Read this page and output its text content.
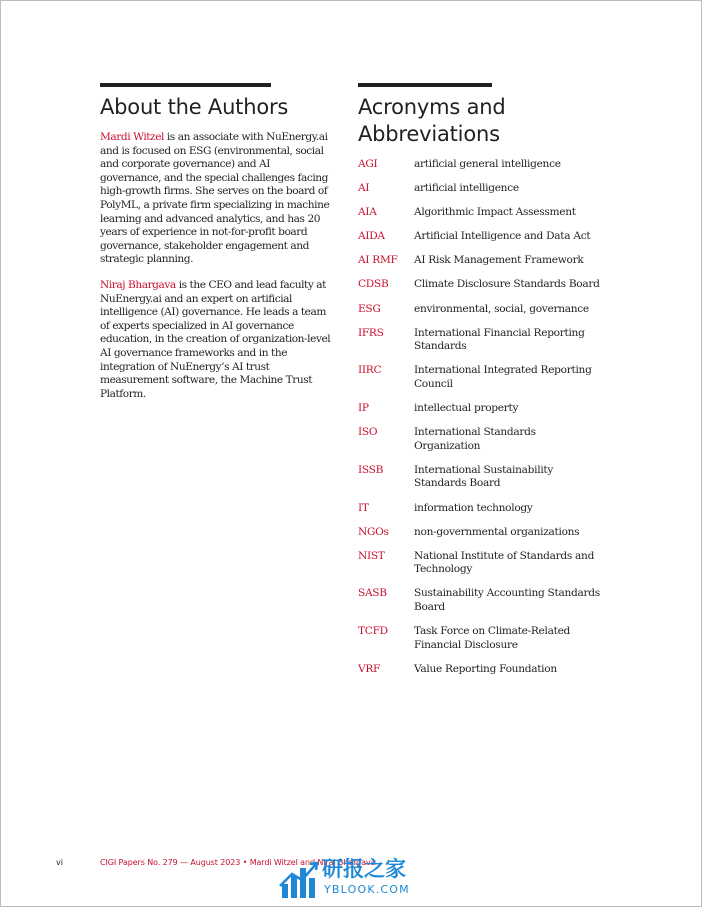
About the Authors

Mardi Witzel is an associate with NuEnergy.ai and is focused on ESG (environmental, social and corporate governance) and AI governance, and the special challenges facing high-growth firms. She serves on the board of PolyML, a private firm specializing in machine learning and advanced analytics, and has 20 years of experience in not-for-profit board governance, stakeholder engagement and strategic planning.

Niraj Bhargava is the CEO and lead faculty at NuEnergy.ai and an expert on artificial intelligence (AI) governance. He leads a team of experts specialized in AI governance education, in the creation of organization-level AI governance frameworks and in the integration of NuEnergy’s AI trust measurement software, the Machine Trust Platform.

Acronyms and
Abbreviations
AGI	artificial general intelligence
AI	artificial intelligence
AIA	Algorithmic Impact Assessment
AIDA	Artificial Intelligence and Data Act
AI RMF	AI Risk Management Framework
CDSB	Climate Disclosure Standards Board
ESG	environmental, social, governance
IFRS	International Financial Reporting Standards
IIRC	International Integrated Reporting Council
IP	intellectual property
ISO	International Standards Organization
ISSB	International Sustainability Standards Board
IT	information technology
NGOs	non-governmental organizations
NIST	National Institute of Standards and Technology
SASB	Sustainability Accounting Standards Board
TCFD	Task Force on Climate-Related Financial Disclosure
VRF	Value Reporting Foundation
vi	CIGI Papers No. 279 — August 2023 • Mardi Witzel and Niraj Bhargava
研报之家
YBLOOK.COM
